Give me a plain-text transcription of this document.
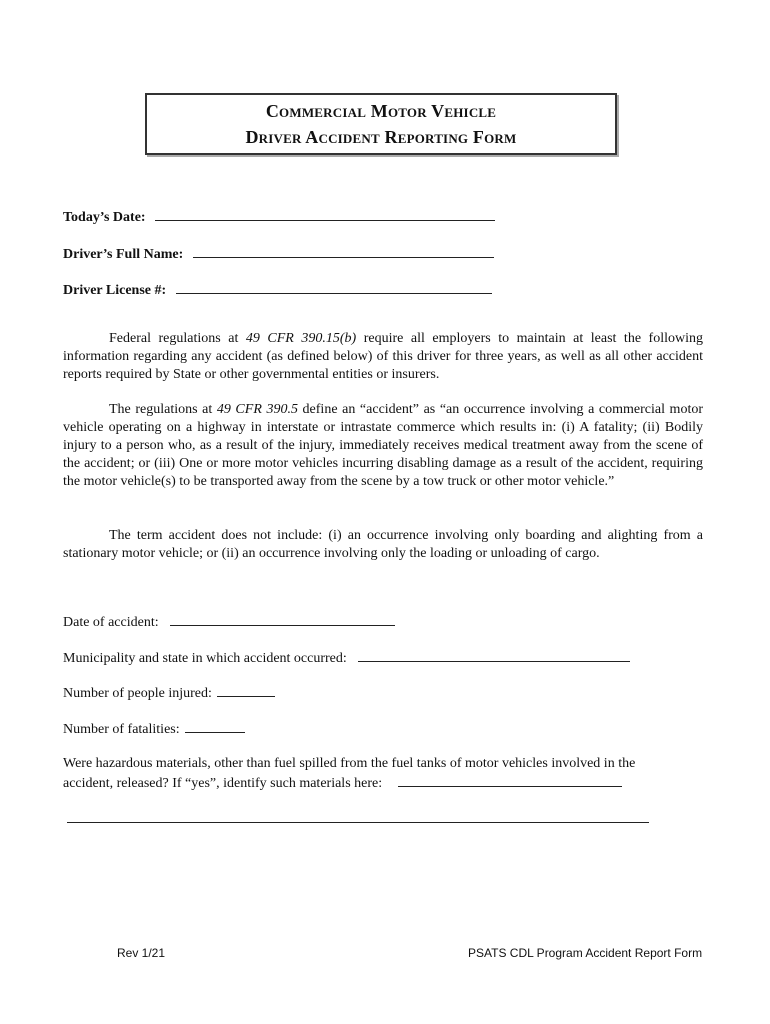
Commercial Motor Vehicle
Driver Accident Reporting Form
Today’s Date:
Driver’s Full Name:
Driver License #:

Federal regulations at 49 CFR 390.15(b) require all employers to maintain at least the following information regarding any accident (as defined below) of this driver for three years, as well as all other accident reports required by State or other governmental entities or insurers.

The regulations at 49 CFR 390.5 define an “accident” as “an occurrence involving a commercial motor vehicle operating on a highway in interstate or intrastate commerce which results in: (i) A fatality; (ii) Bodily injury to a person who, as a result of the injury, immediately receives medical treatment away from the scene of the accident; or (iii) One or more motor vehicles incurring disabling damage as a result of the accident, requiring the motor vehicle(s) to be transported away from the scene by a tow truck or other motor vehicle.”

The term accident does not include: (i) an occurrence involving only boarding and alighting from a stationary motor vehicle; or (ii) an occurrence involving only the loading or unloading of cargo.

Date of accident:
Municipality and state in which accident occurred:
Number of people injured:
Number of fatalities:
Were hazardous materials, other than fuel spilled from the fuel tanks of motor vehicles involved in the
accident, released? If “yes”, identify such materials here:
Rev 1/21	PSATS CDL Program Accident Report Form
